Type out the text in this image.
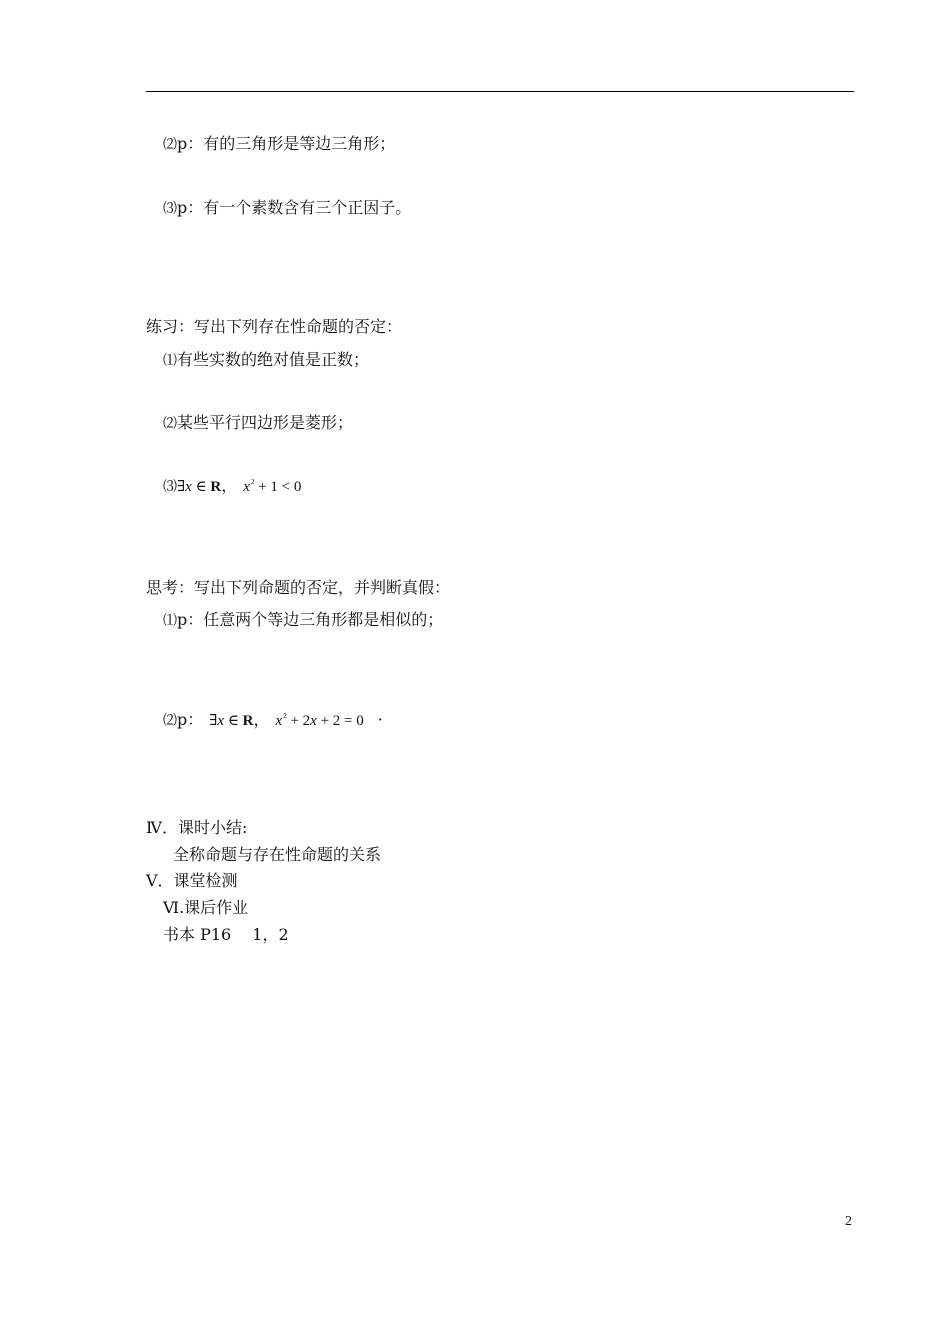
⑵p：有的三角形是等边三角形；
⑶p：有一个素数含有三个正因子。
练习：写出下列存在性命题的否定：
⑴有些实数的绝对值是正数；
⑵某些平行四边形是菱形；
⑶∃x ∈ R， $x^2 + 1 < 0$
思考：写出下列命题的否定，并判断真假：
⑴p：任意两个等边三角形都是相似的；
⑵p： ∃x ∈ R， $x^2 + 2x + 2 = 0$ ·
Ⅳ．课时小结:
全称命题与存在性命题的关系
Ⅴ．课堂检测
Ⅵ.课后作业
书本 P16　 1，2
2
